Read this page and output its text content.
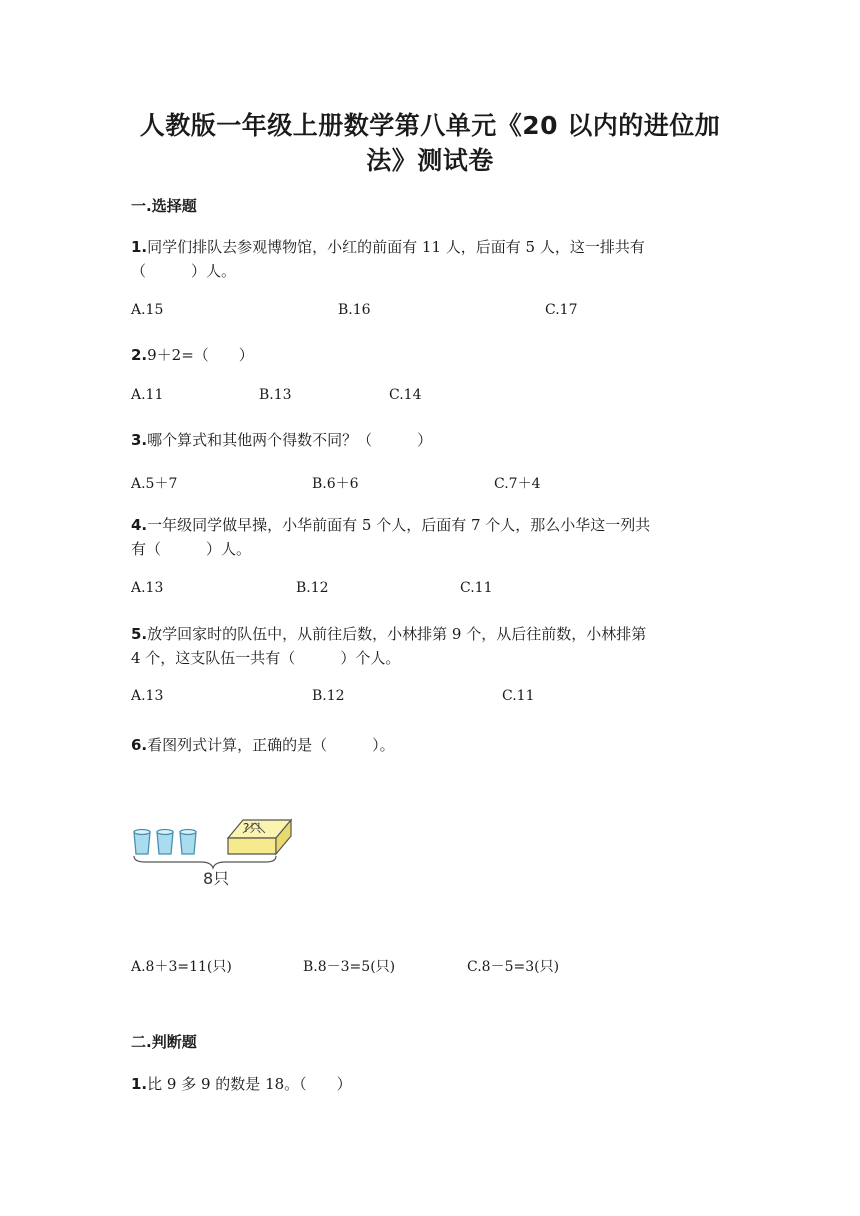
人教版一年级上册数学第八单元《20 以内的进位加
法》测试卷
一.选择题
1.同学们排队去参观博物馆，小红的前面有 11 人，后面有 5 人，这一排共有
（　　　）人。
A.15	B.16	C.17
2.9＋2=（　　）
A.11	B.13	C.14
3.哪个算式和其他两个得数不同？（　　　）
A.5＋7	B.6＋6	C.7＋4
4.一年级同学做早操，小华前面有 5 个人，后面有 7 个人，那么小华这一列共
有（　　　）人。
A.13	B.12	C.11
5.放学回家时的队伍中，从前往后数，小林排第 9 个，从后往前数，小林排第
4 个，这支队伍一共有（　　　）个人。
A.13	B.12	C.11
6.看图列式计算，正确的是（　　　）。
?只
8只
A.8＋3=11(只)	B.8－3=5(只)	C.8－5=3(只)
二.判断题
1.比 9 多 9 的数是 18。（　　）
